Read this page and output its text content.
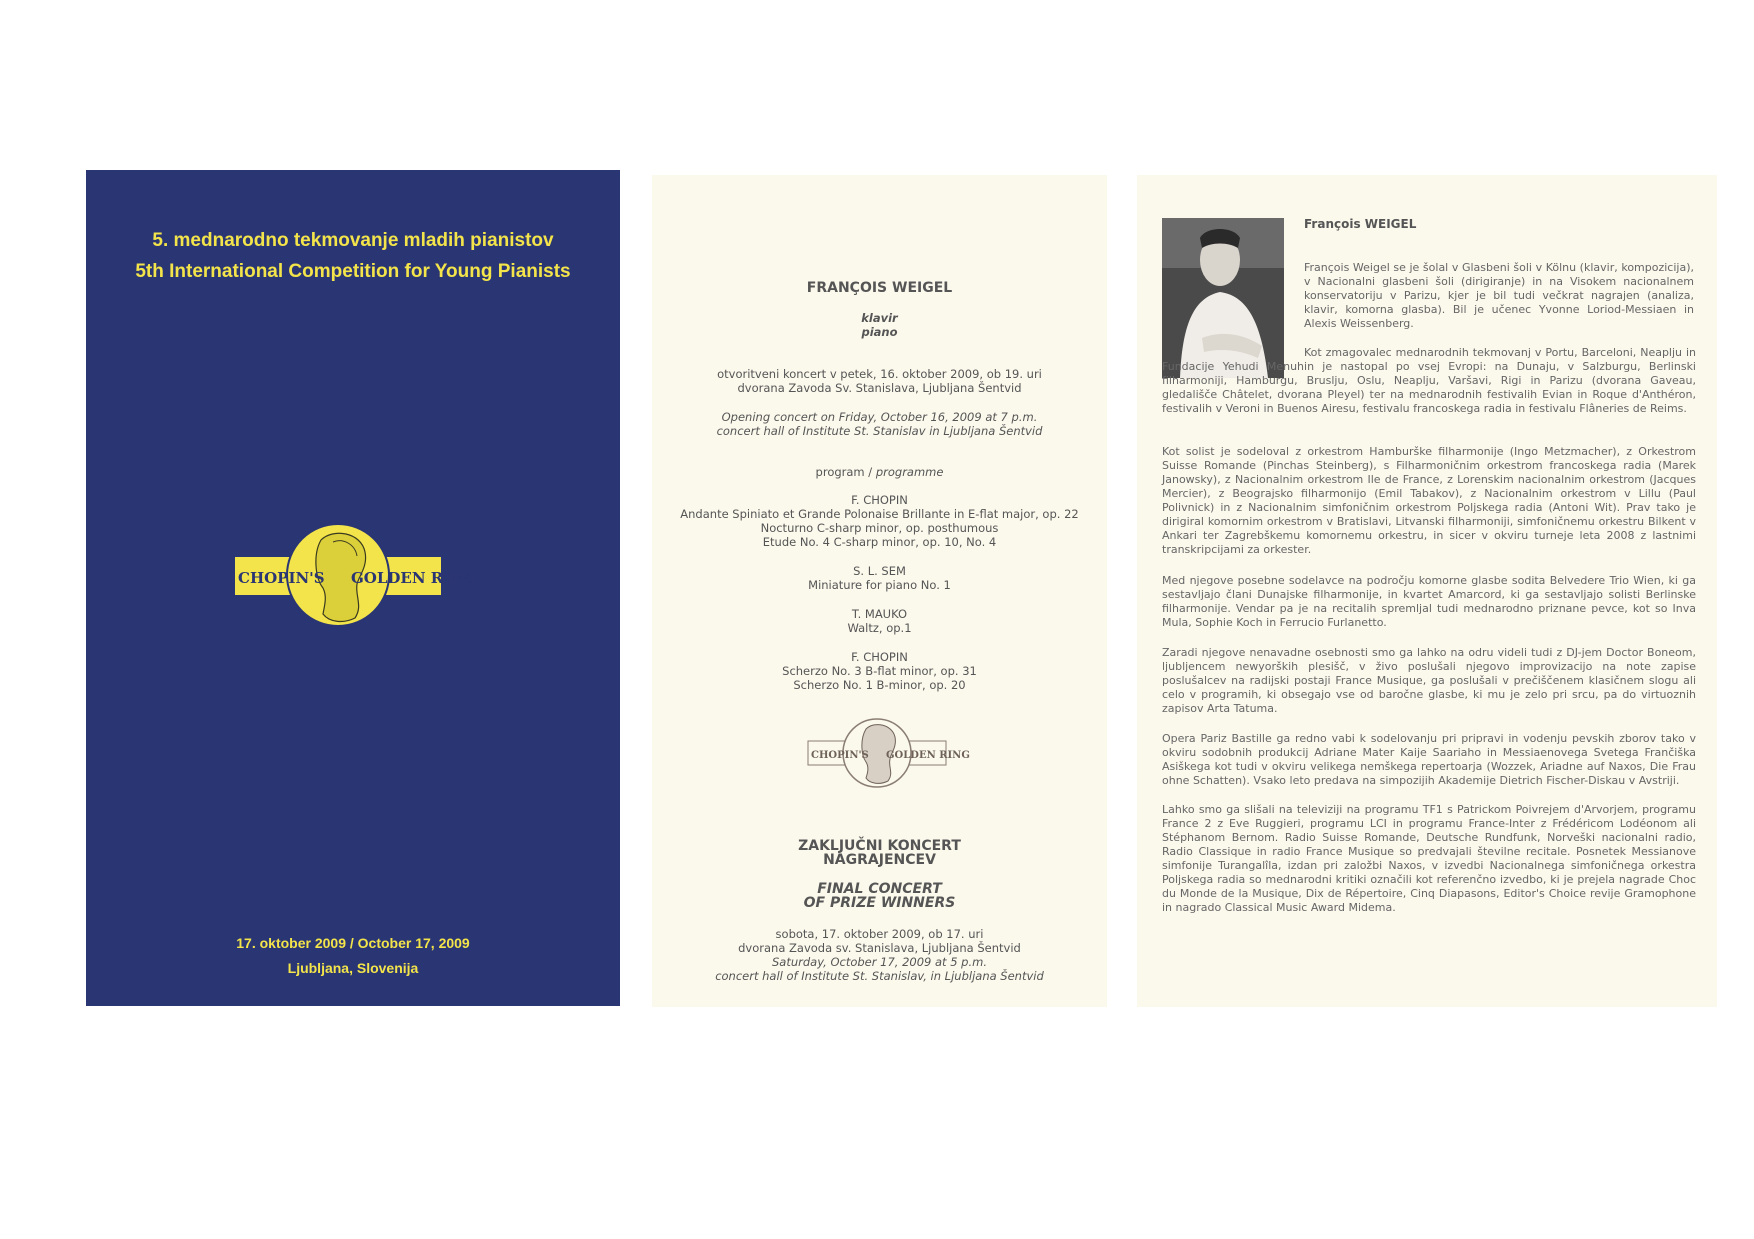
5. mednarodno tekmovanje mladih pianistov
5th International Competition for Young Pianists
CHOPIN'S GOLDEN RING
17. oktober 2009 / October 17, 2009
Ljubljana, Slovenija
FRANÇOIS WEIGEL
klavir
piano
otvoritveni koncert v petek, 16. oktober 2009, ob 19. uri
dvorana Zavoda Sv. Stanislava, Ljubljana Šentvid
Opening concert on Friday, October 16, 2009 at 7 p.m.
concert hall of Institute St. Stanislav in Ljubljana Šentvid
program / programme
F. CHOPIN
Andante Spiniato et Grande Polonaise Brillante in E-flat major, op. 22
Nocturno C-sharp minor, op. posthumous
Etude No. 4 C-sharp minor, op. 10, No. 4
S. L. SEM
Miniature for piano No. 1
T. MAUKO
Waltz, op.1
F. CHOPIN
Scherzo No. 3 B-flat minor, op. 31
Scherzo No. 1 B-minor, op. 20
CHOPIN'S GOLDEN RING
ZAKLJUČNI KONCERT
NAGRAJENCEV
FINAL CONCERT
OF PRIZE WINNERS
sobota, 17. oktober 2009, ob 17. uri
dvorana Zavoda sv. Stanislava, Ljubljana Šentvid
Saturday, October 17, 2009 at 5 p.m.
concert hall of Institute St. Stanislav, in Ljubljana Šentvid
François WEIGEL

François Weigel se je šolal v Glasbeni šoli v Kölnu (klavir, kompozicija), v Nacionalni glasbeni šoli (dirigiranje) in na Visokem nacionalnem konservatoriju v Parizu, kjer je bil tudi večkrat nagrajen (analiza, klavir, komorna glasba). Bil je učenec Yvonne Loriod-Messiaen in Alexis Weissenberg.

Kot zmagovalec mednarodnih tekmovanj v Portu, Barceloni, Neaplju in Fundacije Yehudi Menuhin je nastopal po vsej Evropi: na Dunaju, v Salzburgu, Berlinski filharmoniji, Hamburgu, Bruslju, Oslu, Neaplju, Varšavi, Rigi in Parizu (dvorana Gaveau, gledališče Châtelet, dvorana Pleyel) ter na mednarodnih festivalih Evian in Roque d'Anthéron, festivalih v Veroni in Buenos Airesu, festivalu francoskega radia in festivalu Flâneries de Reims.

Kot solist je sodeloval z orkestrom Hamburške filharmonije (Ingo Metzmacher), z Orkestrom Suisse Romande (Pinchas Steinberg), s Filharmoničnim orkestrom francoskega radia (Marek Janowsky), z Nacionalnim orkestrom Ile de France, z Lorenskim nacionalnim orkestrom (Jacques Mercier), z Beograjsko filharmonijo (Emil Tabakov), z Nacionalnim orkestrom v Lillu (Paul Polivnick) in z Nacionalnim simfoničnim orkestrom Poljskega radia (Antoni Wit). Prav tako je dirigiral komornim orkestrom v Bratislavi, Litvanski filharmoniji, simfoničnemu orkestru Bilkent v Ankari ter Zagrebškemu komornemu orkestru, in sicer v okviru turneje leta 2008 z lastnimi transkripcijami za orkester.

Med njegove posebne sodelavce na področju komorne glasbe sodita Belvedere Trio Wien, ki ga sestavljajo člani Dunajske filharmonije, in kvartet Amarcord, ki ga sestavljajo solisti Berlinske filharmonije. Vendar pa je na recitalih spremljal tudi mednarodno priznane pevce, kot so Inva Mula, Sophie Koch in Ferrucio Furlanetto.

Zaradi njegove nenavadne osebnosti smo ga lahko na odru videli tudi z DJ-jem Doctor Boneom, ljubljencem newyorških plesišč, v živo poslušali njegovo improvizacijo na note zapise poslušalcev na radijski postaji France Musique, ga poslušali v prečiščenem klasičnem slogu ali celo v programih, ki obsegajo vse od baročne glasbe, ki mu je zelo pri srcu, pa do virtuoznih zapisov Arta Tatuma.

Opera Pariz Bastille ga redno vabi k sodelovanju pri pripravi in vodenju pevskih zborov tako v okviru sodobnih produkcij Adriane Mater Kaije Saariaho in Messiaenovega Svetega Frančiška Asiškega kot tudi v okviru velikega nemškega repertoarja (Wozzek, Ariadne auf Naxos, Die Frau ohne Schatten). Vsako leto predava na simpozijih Akademije Dietrich Fischer-Diskau v Avstriji.

Lahko smo ga slišali na televiziji na programu TF1 s Patrickom Poivrejem d'Arvorjem, programu France 2 z Eve Ruggieri, programu LCI in programu France-Inter z Frédéricom Lodéonom ali Stéphanom Bernom. Radio Suisse Romande, Deutsche Rundfunk, Norveški nacionalni radio, Radio Classique in radio France Musique so predvajali številne recitale. Posnetek Messianove simfonije Turangalîla, izdan pri založbi Naxos, v izvedbi Nacionalnega simfoničnega orkestra Poljskega radia so mednarodni kritiki označili kot referenčno izvedbo, ki je prejela nagrade Choc du Monde de la Musique, Dix de Répertoire, Cinq Diapasons, Editor's Choice revije Gramophone in nagrado Classical Music Award Midema.
